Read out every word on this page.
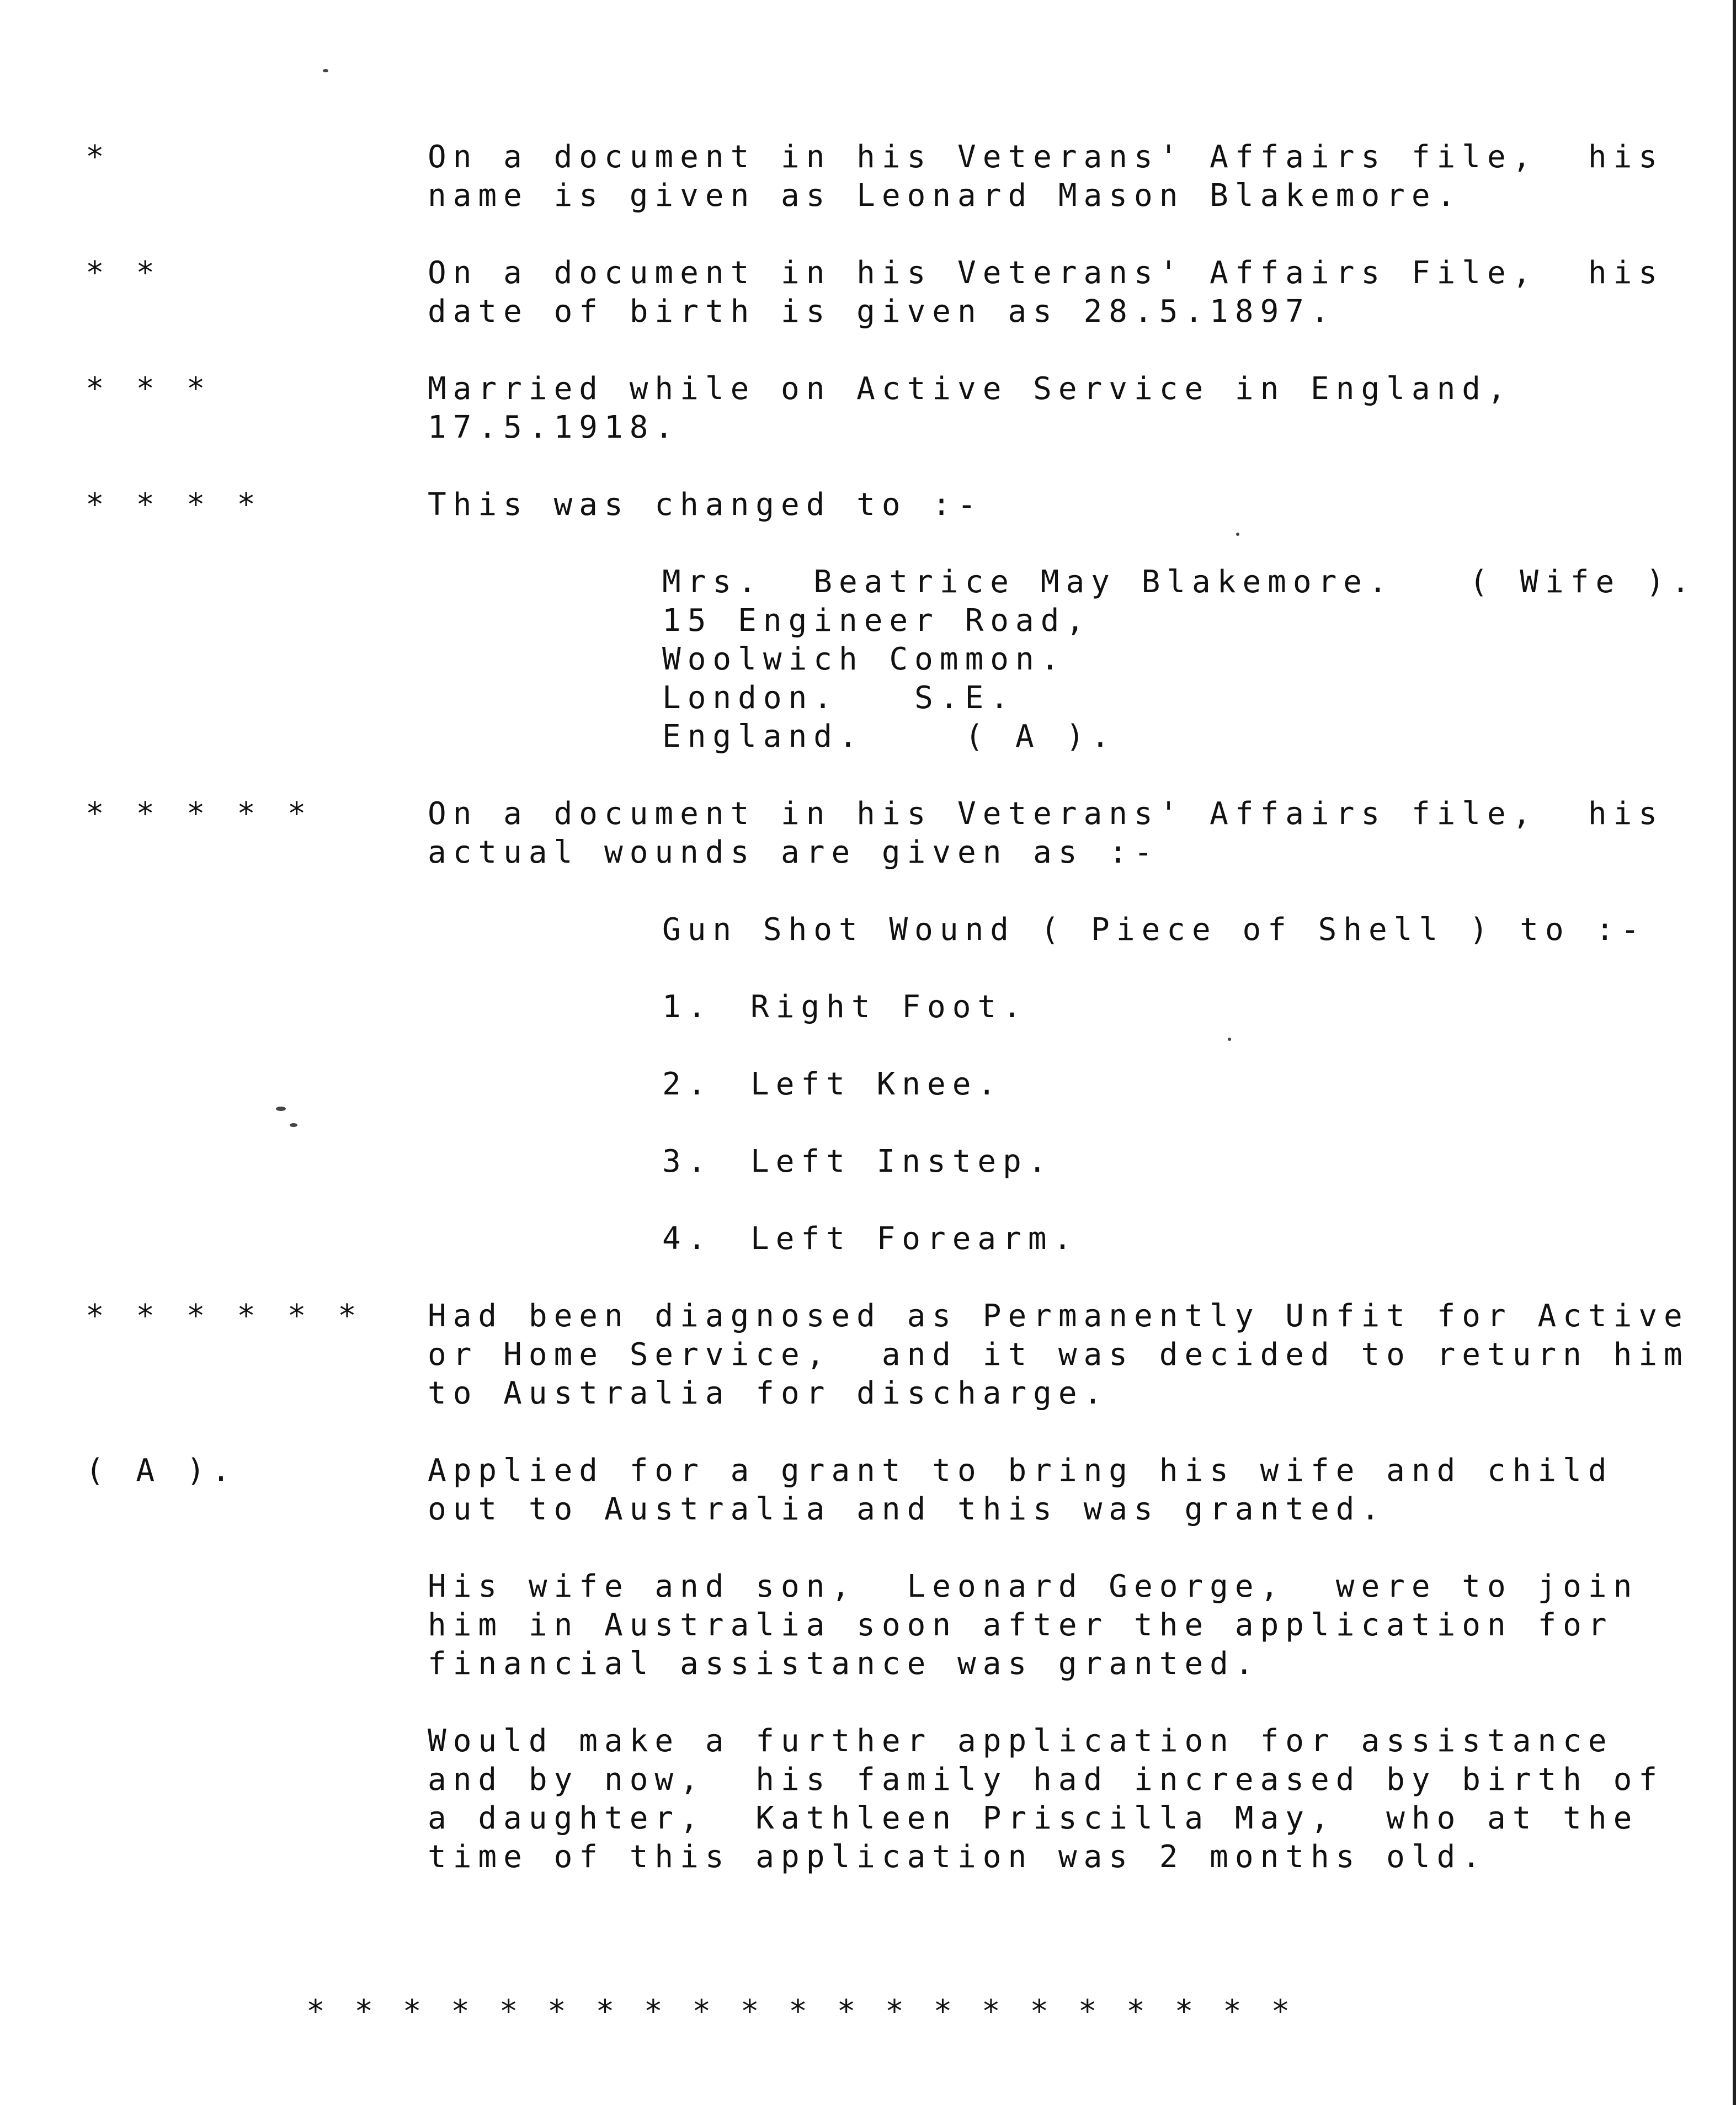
*	On a document in his Veterans' Affairs file,  his
name is given as Leonard Mason Blakemore.
* *	On a document in his Veterans' Affairs File,  his
date of birth is given as 28.5.1897.
* * *	Married while on Active Service in England,
17.5.1918.
* * * *	This was changed to :-
Mrs.  Beatrice May Blakemore.   ( Wife ).
15 Engineer Road,
Woolwich Common.
London.   S.E.
England.    ( A ).
* * * * *	On a document in his Veterans' Affairs file,  his
actual wounds are given as :-
Gun Shot Wound ( Piece of Shell ) to :-
1. Right Foot.
2. Left Knee.
3. Left Instep.
4. Left Forearm.
* * * * * * Had been diagnosed as Permanently Unfit for Active
or Home Service,  and it was decided to return him
to Australia for discharge.
( A ).	Applied for a grant to bring his wife and child
out to Australia and this was granted.
His wife and son,  Leonard George,  were to join
him in Australia soon after the application for
financial assistance was granted.
Would make a further application for assistance
and by now,  his family had increased by birth of
a daughter,  Kathleen Priscilla May,  who at the
time of this application was 2 months old.
* * * * * * * * * * * * * * * * * * * * *
